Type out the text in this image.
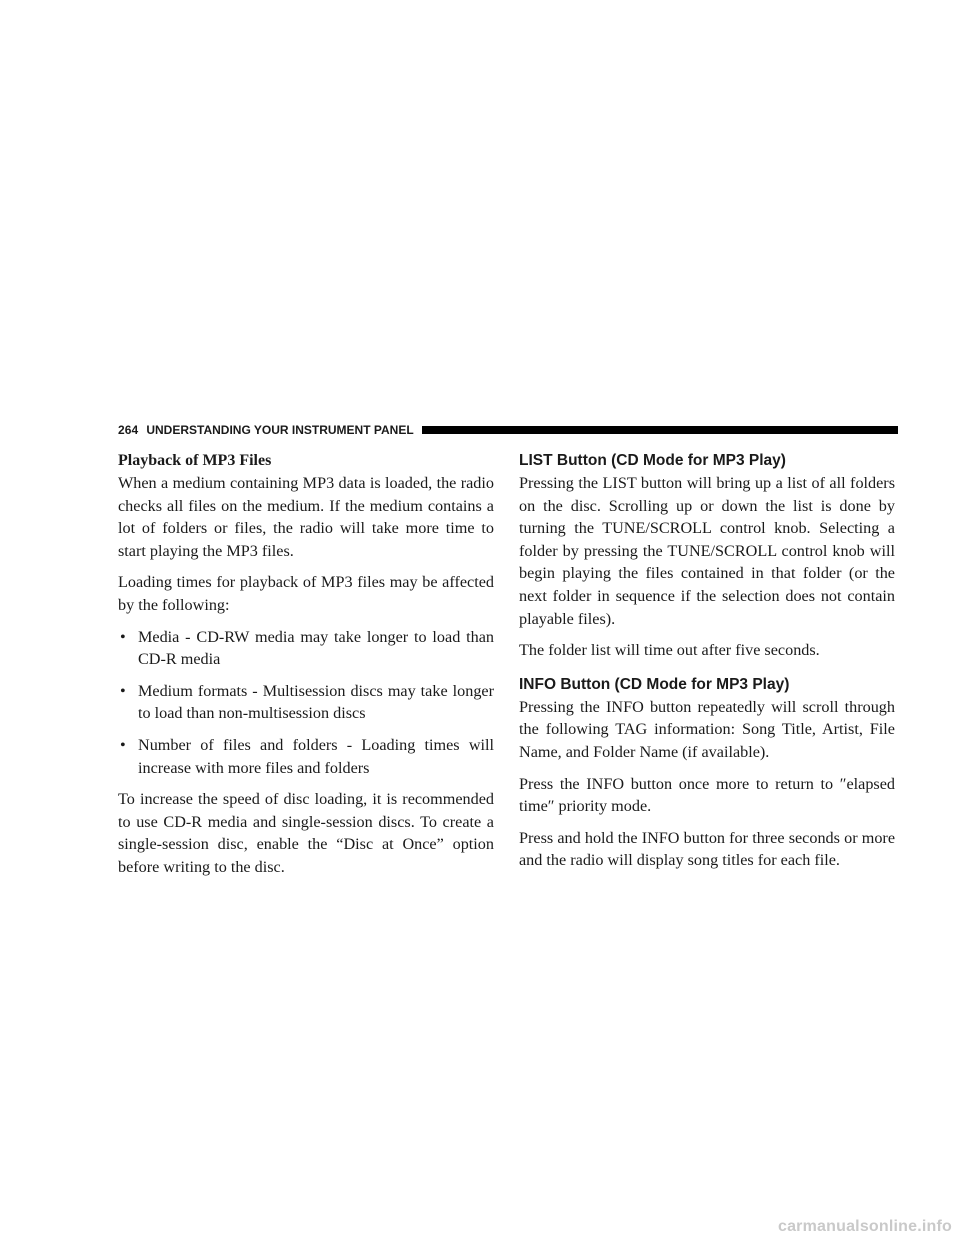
264 UNDERSTANDING YOUR INSTRUMENT PANEL
Playback of MP3 Files

When a medium containing MP3 data is loaded, the radio checks all files on the medium. If the medium contains a lot of folders or files, the radio will take more time to start playing the MP3 files.

Loading times for playback of MP3 files may be affected by the following:

• Media - CD-RW media may take longer to load than CD-R media
• Medium formats - Multisession discs may take longer to load than non-multisession discs
• Number of files and folders - Loading times will increase with more files and folders

To increase the speed of disc loading, it is recommended to use CD-R media and single-session discs. To create a single-session disc, enable the “Disc at Once” option before writing to the disc.

LIST Button (CD Mode for MP3 Play)

Pressing the LIST button will bring up a list of all folders on the disc. Scrolling up or down the list is done by turning the TUNE/SCROLL control knob. Selecting a folder by pressing the TUNE/SCROLL control knob will begin playing the files contained in that folder (or the next folder in sequence if the selection does not contain playable files).

The folder list will time out after five seconds.

INFO Button (CD Mode for MP3 Play)

Pressing the INFO button repeatedly will scroll through the following TAG information: Song Title, Artist, File Name, and Folder Name (if available).

Press the INFO button once more to return to ″elapsed time″ priority mode.

Press and hold the INFO button for three seconds or more and the radio will display song titles for each file.

carmanualsonline.info
